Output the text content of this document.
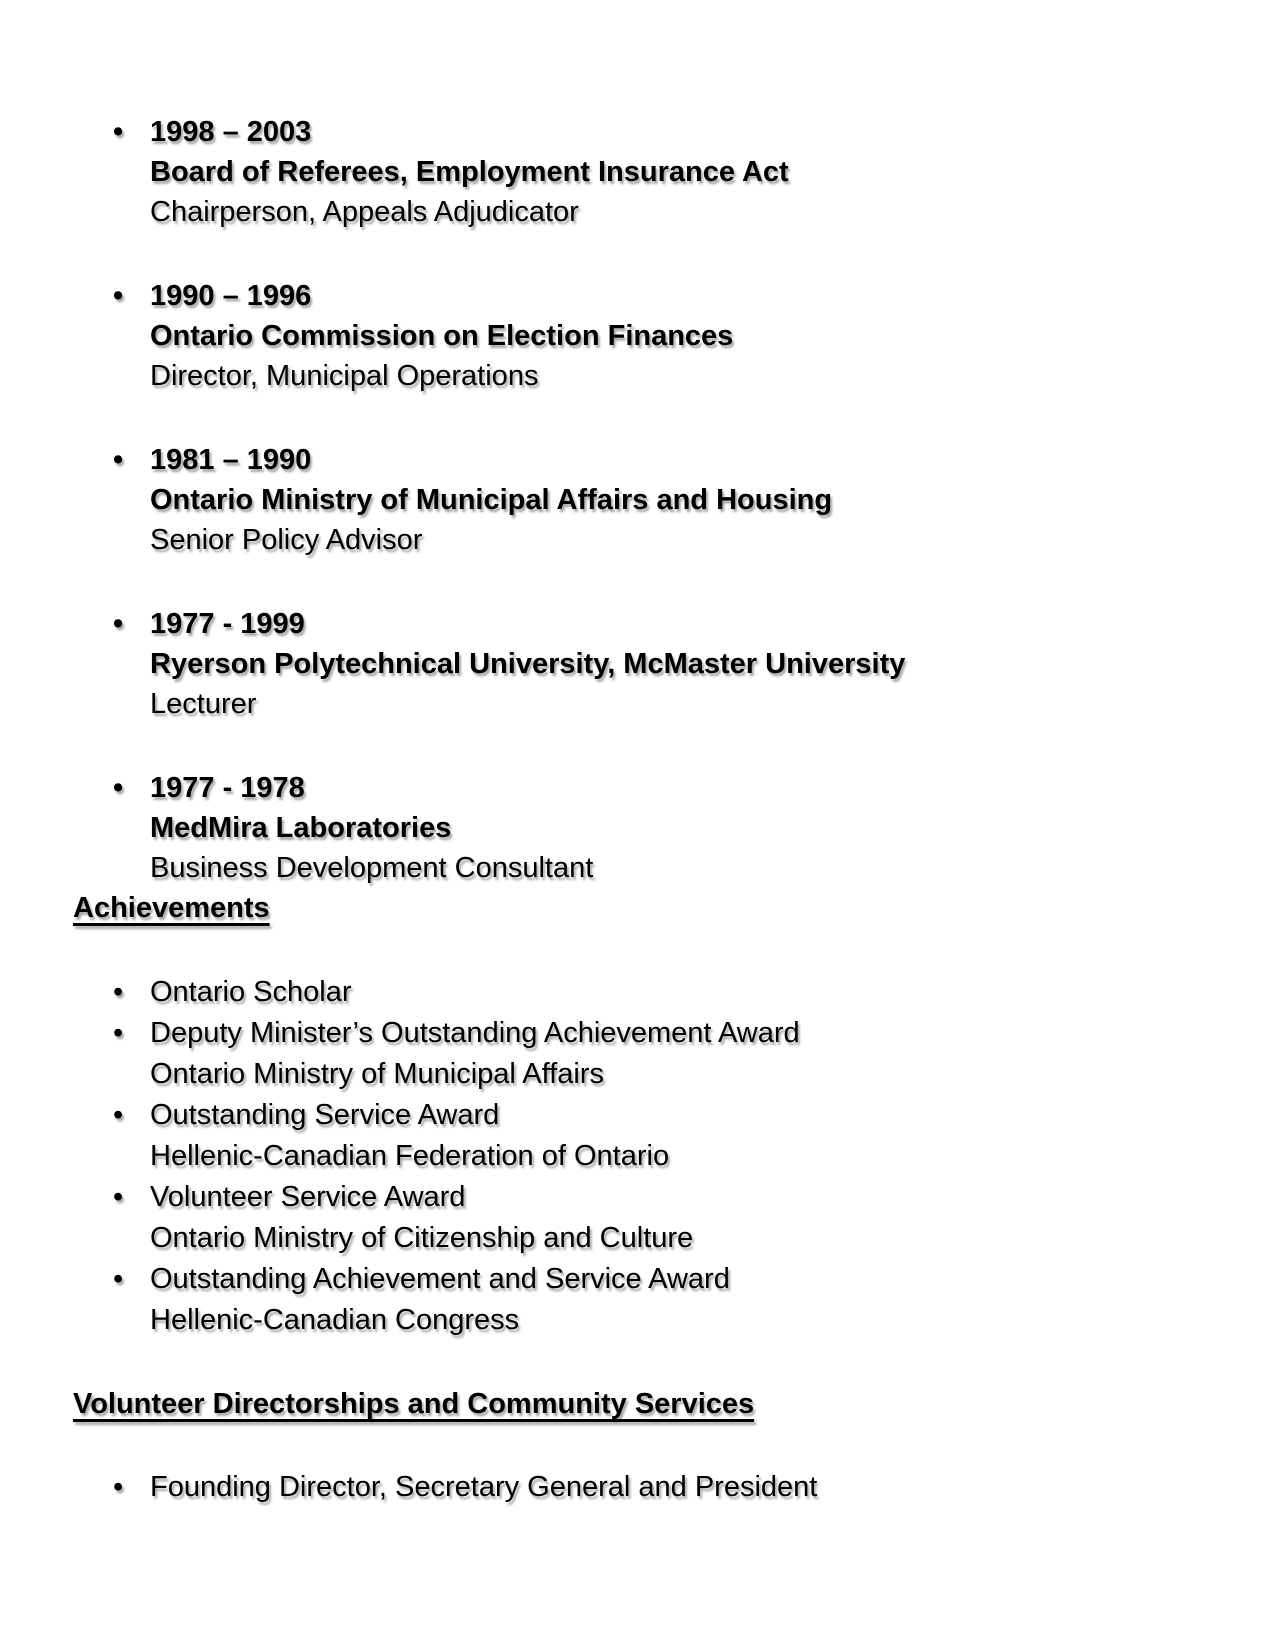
• 1998 – 2003
Board of Referees, Employment Insurance Act
Chairperson, Appeals Adjudicator
• 1990 – 1996
Ontario Commission on Election Finances
Director, Municipal Operations
• 1981 – 1990
Ontario Ministry of Municipal Affairs and Housing
Senior Policy Advisor
• 1977 - 1999
Ryerson Polytechnical University, McMaster University
Lecturer
• 1977 - 1978
MedMira Laboratories
Business Development Consultant
Achievements
• Ontario Scholar
• Deputy Minister’s Outstanding Achievement Award
Ontario Ministry of Municipal Affairs
• Outstanding Service Award
Hellenic-Canadian Federation of Ontario
• Volunteer Service Award
Ontario Ministry of Citizenship and Culture
• Outstanding Achievement and Service Award
Hellenic-Canadian Congress
Volunteer Directorships and Community Services
• Founding Director, Secretary General and President
